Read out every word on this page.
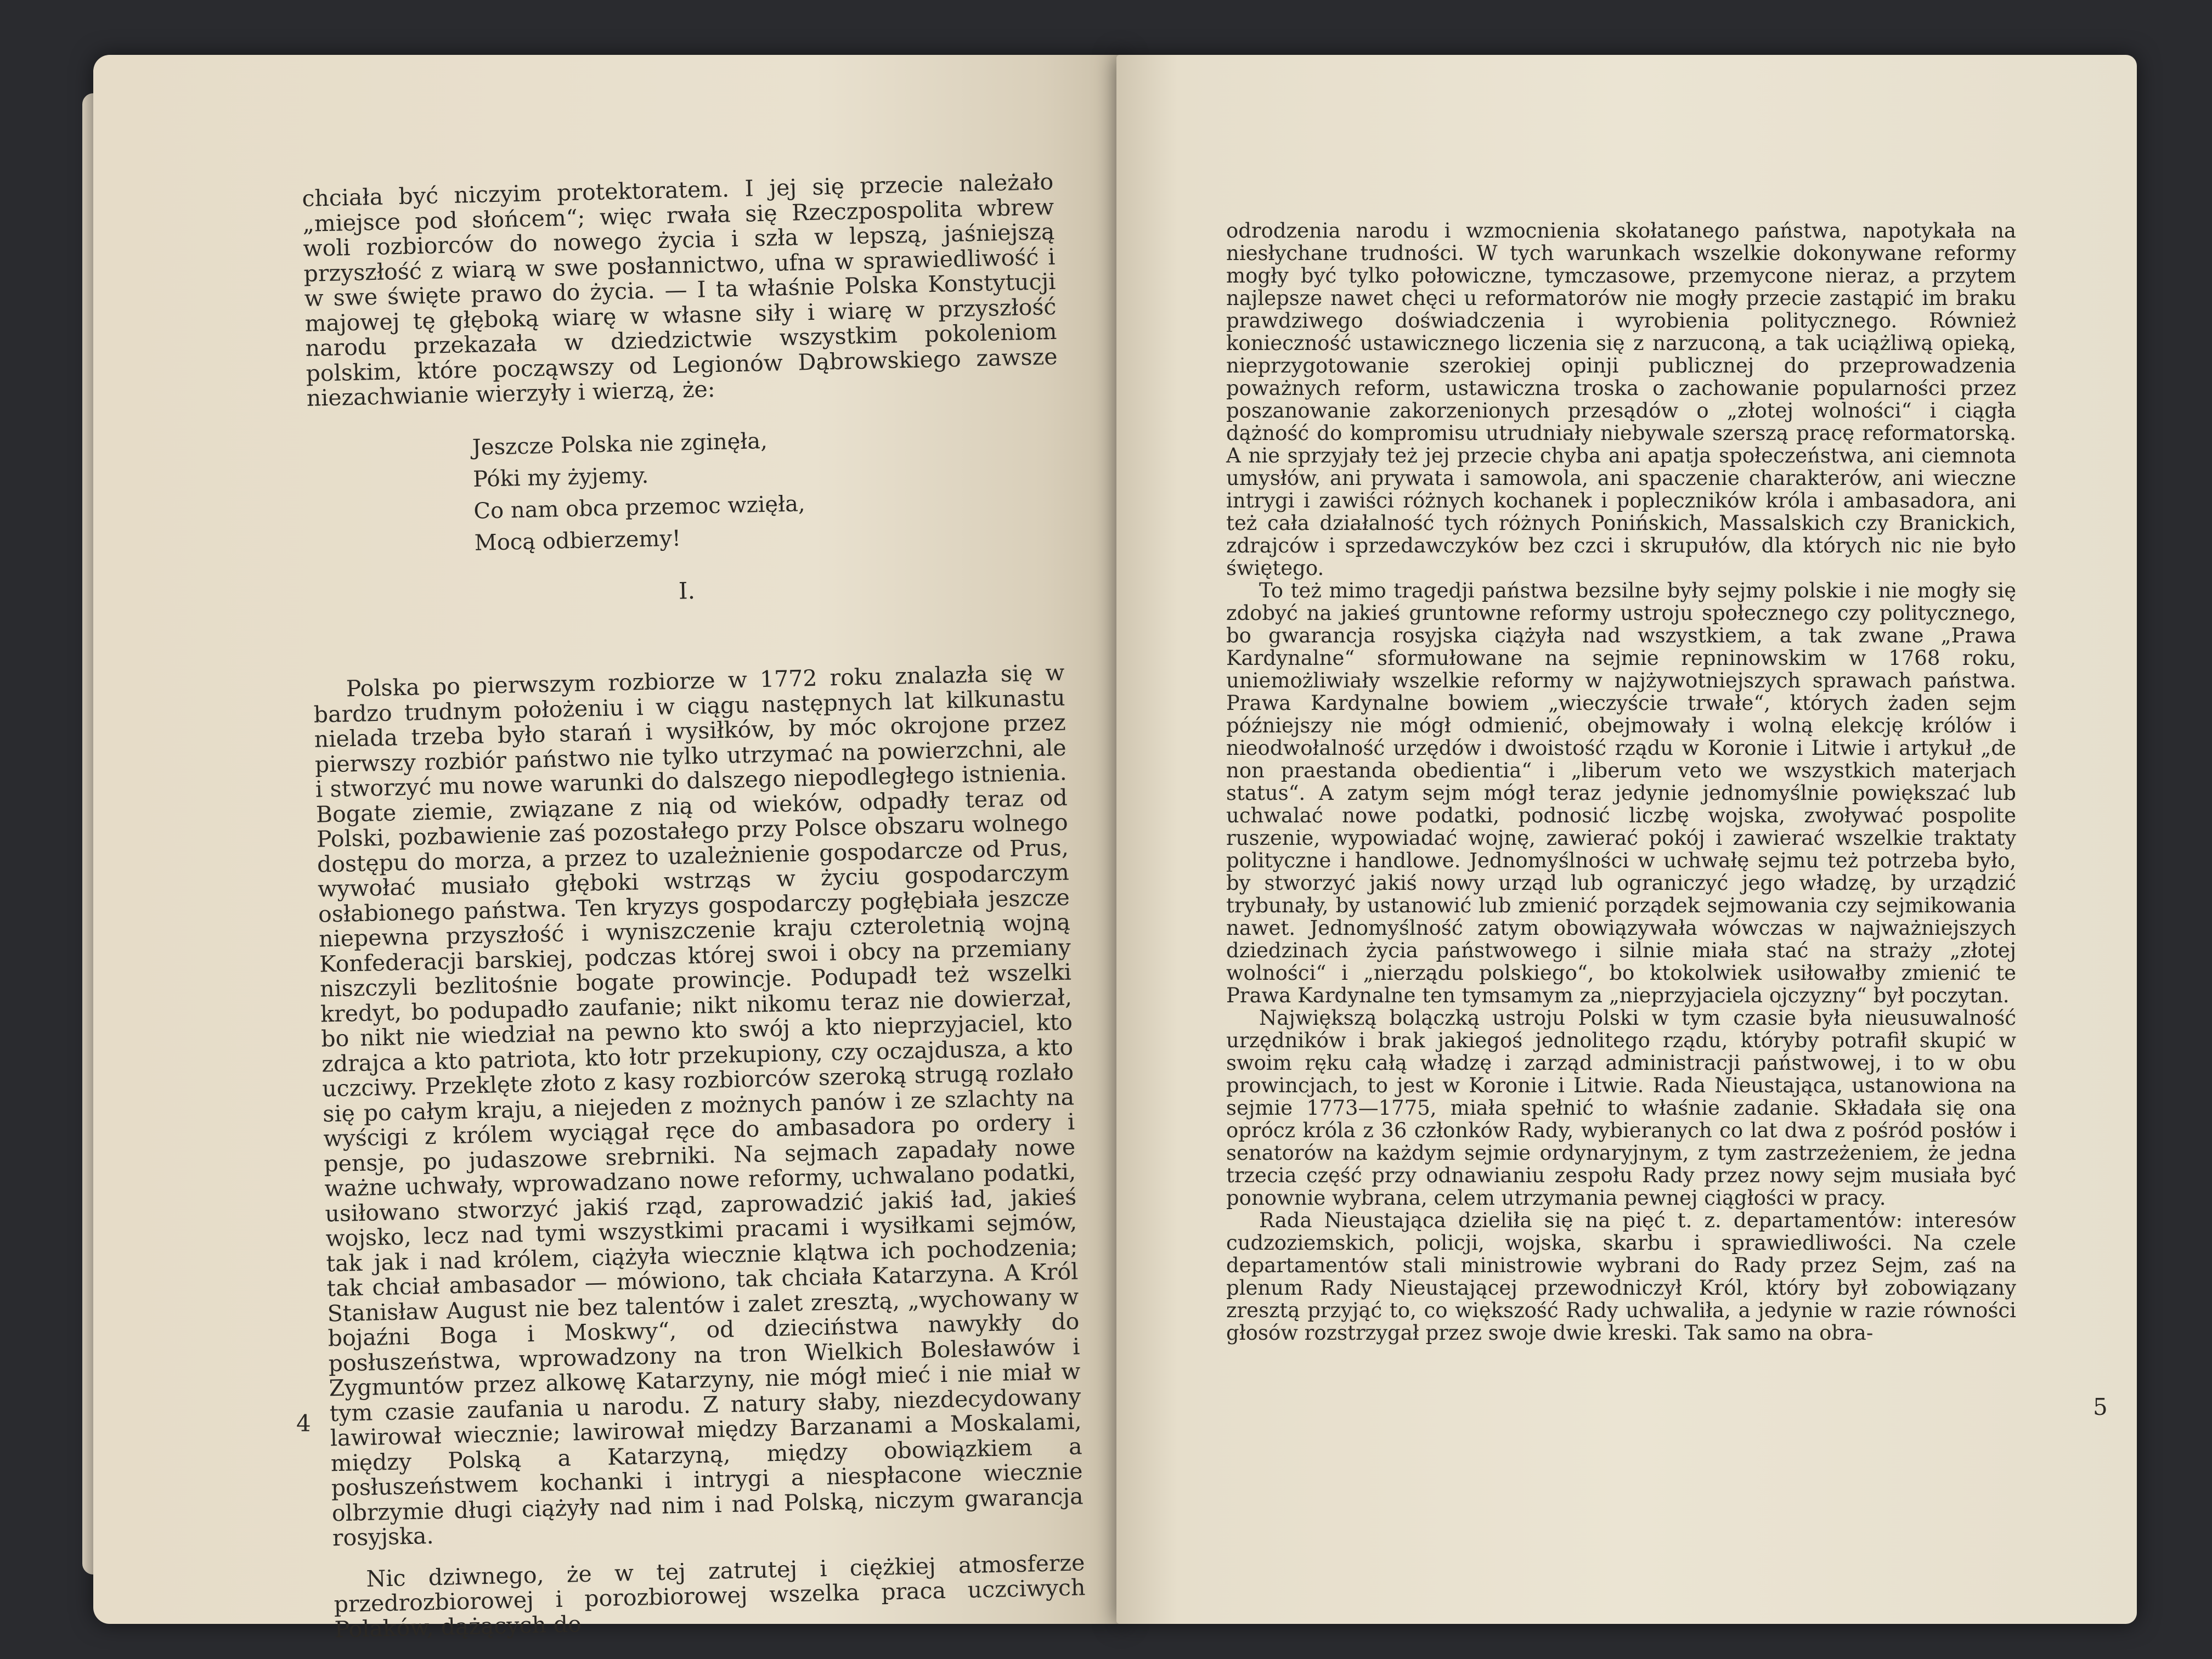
chciała być niczyim protektoratem. I jej się przecie należało „miejsce pod słońcem“; więc rwała się Rzeczpospolita wbrew woli rozbiorców do nowego życia i szła w lepszą, jaśniejszą przyszłość z wiarą w swe posłannictwo, ufna w sprawiedliwość i w swe święte prawo do życia. — I ta właśnie Polska Konstytucji majowej tę głęboką wiarę w własne siły i wiarę w przyszłość narodu przekazała w dziedzictwie wszystkim pokoleniom polskim, które począwszy od Legionów Dąbrowskiego zawsze niezachwianie wierzyły i wierzą, że:

Jeszcze Polska nie zginęła,
Póki my żyjemy.
Co nam obca przemoc wzięła,
Mocą odbierzemy!
I.

Polska po pierwszym rozbiorze w 1772 roku znalazła się w bardzo trudnym położeniu i w ciągu następnych lat kilkunastu nielada trzeba było starań i wysiłków, by móc okrojone przez pierwszy rozbiór państwo nie tylko utrzymać na powierzchni, ale i stworzyć mu nowe warunki do dalszego niepodległego istnienia. Bogate ziemie, związane z nią od wieków, odpadły teraz od Polski, pozbawienie zaś pozostałego przy Polsce obszaru wolnego dostępu do morza, a przez to uzależnienie gospodarcze od Prus, wywołać musiało głęboki wstrząs w życiu gospodarczym osłabionego państwa. Ten kryzys gospodarczy pogłębiała jeszcze niepewna przyszłość i wyniszczenie kraju czteroletnią wojną Konfederacji barskiej, podczas której swoi i obcy na przemiany niszczyli bezlitośnie bogate prowincje. Podupadł też wszelki kredyt, bo podupadło zaufanie; nikt nikomu teraz nie dowierzał, bo nikt nie wiedział na pewno kto swój a kto nieprzyjaciel, kto zdrajca a kto patriota, kto łotr przekupiony, czy oczajdusza, a kto uczciwy. Przeklęte złoto z kasy rozbiorców szeroką strugą rozlało się po całym kraju, a niejeden z możnych panów i ze szlachty na wyścigi z królem wyciągał ręce do ambasadora po ordery i pensje, po judaszowe srebrniki. Na sejmach zapadały nowe ważne uchwały, wprowadzano nowe reformy, uchwalano podatki, usiłowano stworzyć jakiś rząd, zaprowadzić jakiś ład, jakieś wojsko, lecz nad tymi wszystkimi pracami i wysiłkami sejmów, tak jak i nad królem, ciążyła wiecznie klątwa ich pochodzenia; tak chciał ambasador — mówiono, tak chciała Katarzyna. A Król Stanisław August nie bez talentów i zalet zresztą, „wychowany w bojaźni Boga i Moskwy“, od dzieciństwa nawykły do posłuszeństwa, wprowadzony na tron Wielkich Bolesławów i Zygmuntów przez alkowę Katarzyny, nie mógł mieć i nie miał w tym czasie zaufania u narodu. Z natury słaby, niezdecydowany lawirował wiecznie; lawirował między Barzanami a Moskalami, między Polską a Katarzyną, między obowiązkiem a posłuszeństwem kochanki i intrygi a niespłacone wiecznie olbrzymie długi ciążyły nad nim i nad Polską, niczym gwarancja rosyjska.

Nic dziwnego, że w tej zatrutej i ciężkiej atmosferze przedrozbiorowej i porozbiorowej wszelka praca uczciwych Polaków, dążących do

4

odrodzenia narodu i wzmocnienia skołatanego państwa, napotykała na niesłychane trudności. W tych warunkach wszelkie dokonywane reformy mogły być tylko połowiczne, tymczasowe, przemycone nieraz, a przytem najlepsze nawet chęci u reformatorów nie mogły przecie zastąpić im braku prawdziwego doświadczenia i wyrobienia politycznego. Również konieczność ustawicznego liczenia się z narzuconą, a tak uciążliwą opieką, nieprzygotowanie szerokiej opinji publicznej do przeprowadzenia poważnych reform, ustawiczna troska o zachowanie popularności przez poszanowanie zakorzenionych przesądów o „złotej wolności“ i ciągła dążność do kompromisu utrudniały niebywale szerszą pracę reformatorską. A nie sprzyjały też jej przecie chyba ani apatja społeczeństwa, ani ciemnota umysłów, ani prywata i samowola, ani spaczenie charakterów, ani wieczne intrygi i zawiści różnych kochanek i popleczników króla i ambasadora, ani też cała działalność tych różnych Ponińskich, Massalskich czy Branickich, zdrajców i sprzedawczyków bez czci i skrupułów, dla których nic nie było świętego.

To też mimo tragedji państwa bezsilne były sejmy polskie i nie mogły się zdobyć na jakieś gruntowne reformy ustroju społecznego czy politycznego, bo gwarancja rosyjska ciążyła nad wszystkiem, a tak zwane „Prawa Kardynalne“ sformułowane na sejmie repninowskim w 1768 roku, uniemożliwiały wszelkie reformy w najżywotniejszych sprawach państwa. Prawa Kardynalne bowiem „wieczyście trwałe“, których żaden sejm późniejszy nie mógł odmienić, obejmowały i wolną elekcję królów i nieodwołalność urzędów i dwoistość rządu w Koronie i Litwie i artykuł „de non praestanda obedientia“ i „liberum veto we wszystkich materjach status“. A zatym sejm mógł teraz jedynie jednomyślnie powiększać lub uchwalać nowe podatki, podnosić liczbę wojska, zwoływać pospolite ruszenie, wypowiadać wojnę, zawierać pokój i zawierać wszelkie traktaty polityczne i handlowe. Jednomyślności w uchwałę sejmu też potrzeba było, by stworzyć jakiś nowy urząd lub ograniczyć jego władzę, by urządzić trybunały, by ustanowić lub zmienić porządek sejmowania czy sejmikowania nawet. Jednomyślność zatym obowiązywała wówczas w najważniejszych dziedzinach życia państwowego i silnie miała stać na straży „złotej wolności“ i „nierządu polskiego“, bo ktokolwiek usiłowałby zmienić te Prawa Kardynalne ten tymsamym za „nieprzyjaciela ojczyzny“ był poczytan.

Największą bolączką ustroju Polski w tym czasie była nieusuwalność urzędników i brak jakiegoś jednolitego rządu, któryby potrafił skupić w swoim ręku całą władzę i zarząd administracji państwowej, i to w obu prowincjach, to jest w Koronie i Litwie. Rada Nieustająca, ustanowiona na sejmie 1773—1775, miała spełnić to właśnie zadanie. Składała się ona oprócz króla z 36 członków Rady, wybieranych co lat dwa z pośród posłów i senatorów na każdym sejmie ordynaryjnym, z tym zastrzeżeniem, że jedna trzecia część przy odnawianiu zespołu Rady przez nowy sejm musiała być ponownie wybrana, celem utrzymania pewnej ciągłości w pracy.

Rada Nieustająca dzieliła się na pięć t. z. departamentów: interesów cudzoziemskich, policji, wojska, skarbu i sprawiedliwości. Na czele departamentów stali ministrowie wybrani do Rady przez Sejm, zaś na plenum Rady Nieustającej przewodniczył Król, który był zobowiązany zresztą przyjąć to, co większość Rady uchwaliła, a jedynie w razie równości głosów rozstrzygał przez swoje dwie kreski. Tak samo na obra-

5
